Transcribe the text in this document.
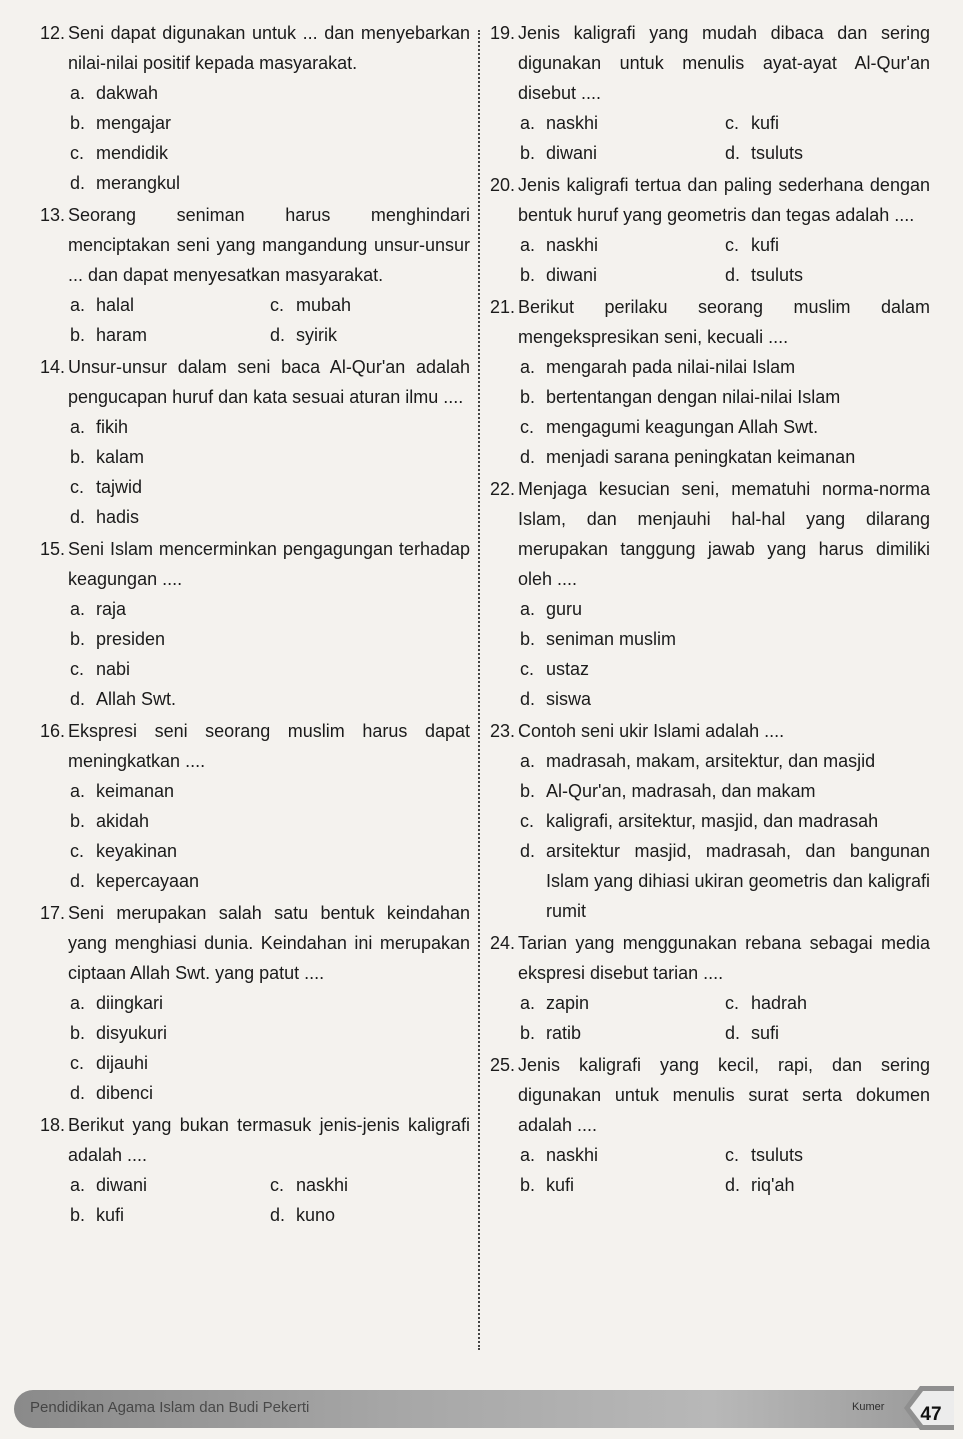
12. Seni dapat digunakan untuk ... dan menyebarkan nilai-nilai positif kepada masyarakat.
a. dakwah
b. mengajar
c. mendidik
d. merangkul
13. Seorang seniman harus menghindari menciptakan seni yang mangandung unsur-unsur ... dan dapat menyesatkan masyarakat.
a. halal	c. mubah
b. haram	d. syirik
14. Unsur-unsur dalam seni baca Al-Qur'an adalah pengucapan huruf dan kata sesuai aturan ilmu ....
a. fikih
b. kalam
c. tajwid
d. hadis
15. Seni Islam mencerminkan pengagungan terhadap keagungan ....
a. raja
b. presiden
c. nabi
d. Allah Swt.
16. Ekspresi seni seorang muslim harus dapat meningkatkan ....
a. keimanan
b. akidah
c. keyakinan
d. kepercayaan
17. Seni merupakan salah satu bentuk keindahan yang menghiasi dunia. Keindahan ini merupakan ciptaan Allah Swt. yang patut ....
a. diingkari
b. disyukuri
c. dijauhi
d. dibenci
18. Berikut yang bukan termasuk jenis-jenis kaligrafi adalah ....
a. diwani	c. naskhi
b. kufi	d. kuno
19. Jenis kaligrafi yang mudah dibaca dan sering digunakan untuk menulis ayat-ayat Al-Qur'an disebut ....
a. naskhi	c. kufi
b. diwani	d. tsuluts
20. Jenis kaligrafi tertua dan paling sederhana dengan bentuk huruf yang geometris dan tegas adalah ....
a. naskhi	c. kufi
b. diwani	d. tsuluts
21. Berikut perilaku seorang muslim dalam mengekspresikan seni, kecuali ....
a. mengarah pada nilai-nilai Islam
b. bertentangan dengan nilai-nilai Islam
c. mengagumi keagungan Allah Swt.
d. menjadi sarana peningkatan keimanan
22. Menjaga kesucian seni, mematuhi norma-norma Islam, dan menjauhi hal-hal yang dilarang merupakan tanggung jawab yang harus dimiliki oleh ....
a. guru
b. seniman muslim
c. ustaz
d. siswa
23. Contoh seni ukir Islami adalah ....
a. madrasah, makam, arsitektur, dan masjid
b. Al-Qur'an, madrasah, dan makam
c. kaligrafi, arsitektur, masjid, dan madrasah
d. arsitektur masjid, madrasah, dan bangunan Islam yang dihiasi ukiran geometris dan kaligrafi rumit
24. Tarian yang menggunakan rebana sebagai media ekspresi disebut tarian ....
a. zapin	c. hadrah
b. ratib	d. sufi
25. Jenis kaligrafi yang kecil, rapi, dan sering digunakan untuk menulis surat serta dokumen adalah ....
a. naskhi	c. tsuluts
b. kufi	d. riq'ah
Pendidikan Agama Islam dan Budi Pekerti	Kumer	47
